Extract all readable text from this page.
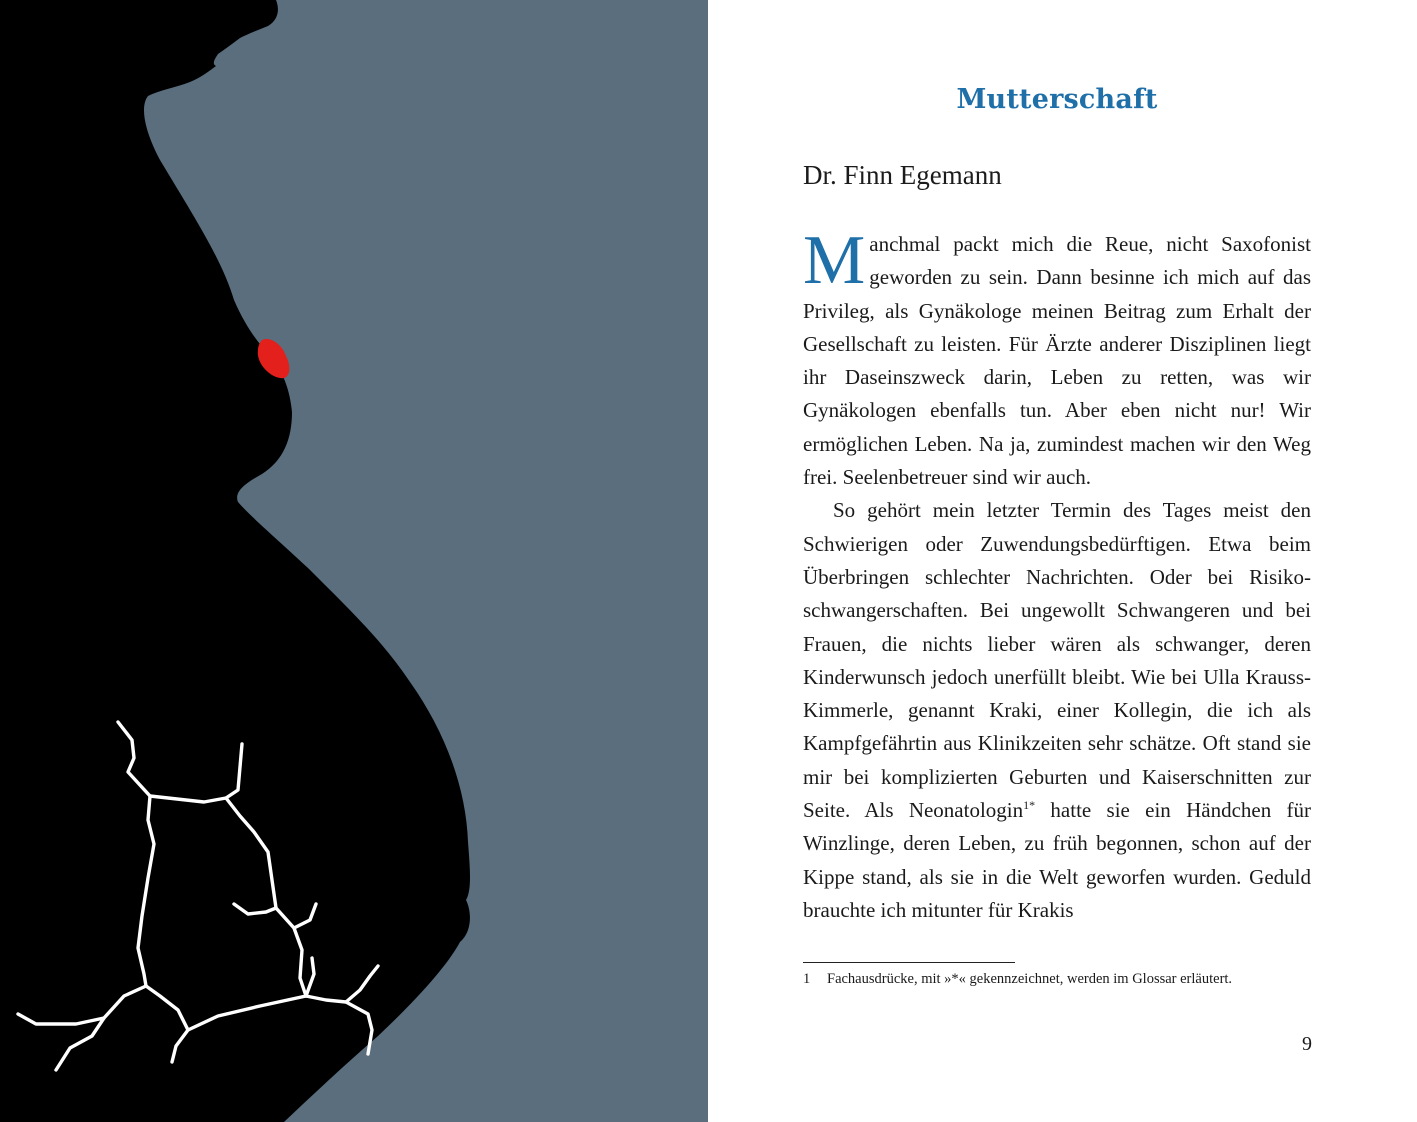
Mutterschaft
Dr. Finn Egemann

Manchmal packt mich die Reue, nicht Saxofonist geworden zu sein. Dann besinne ich mich auf das Privileg, als Gynäkologe meinen Beitrag zum Erhalt der Gesellschaft zu leisten. Für Ärzte anderer Disziplinen liegt ihr Daseinszweck darin, Leben zu retten, was wir Gynäkologen ebenfalls tun. Aber eben nicht nur! Wir ermöglichen Leben. Na ja, zumindest machen wir den Weg frei. Seelenbetreuer sind wir auch.

So gehört mein letzter Termin des Tages meist den Schwierigen oder Zuwendungsbedürftigen. Etwa beim Überbringen schlechter Nachrichten. Oder bei Risikoschwangerschaften. Bei ungewollt Schwangeren und bei Frauen, die nichts lieber wären als schwanger, deren Kinderwunsch jedoch unerfüllt bleibt. Wie bei Ulla Krauss-Kimmerle, genannt Kraki, einer Kollegin, die ich als Kampfgefährtin aus Klinikzeiten sehr schätze. Oft stand sie mir bei komplizierten Geburten und Kaiserschnitten zur Seite. Als Neonatologin$^{1*}$ hatte sie ein Händchen für Winzlinge, deren Leben, zu früh begonnen, schon auf der Kippe stand, als sie in die Welt geworfen wurden. Geduld brauchte ich mitunter für Krakis

1 Fachausdrücke, mit »*« gekennzeichnet, werden im Glossar erläutert.
9
